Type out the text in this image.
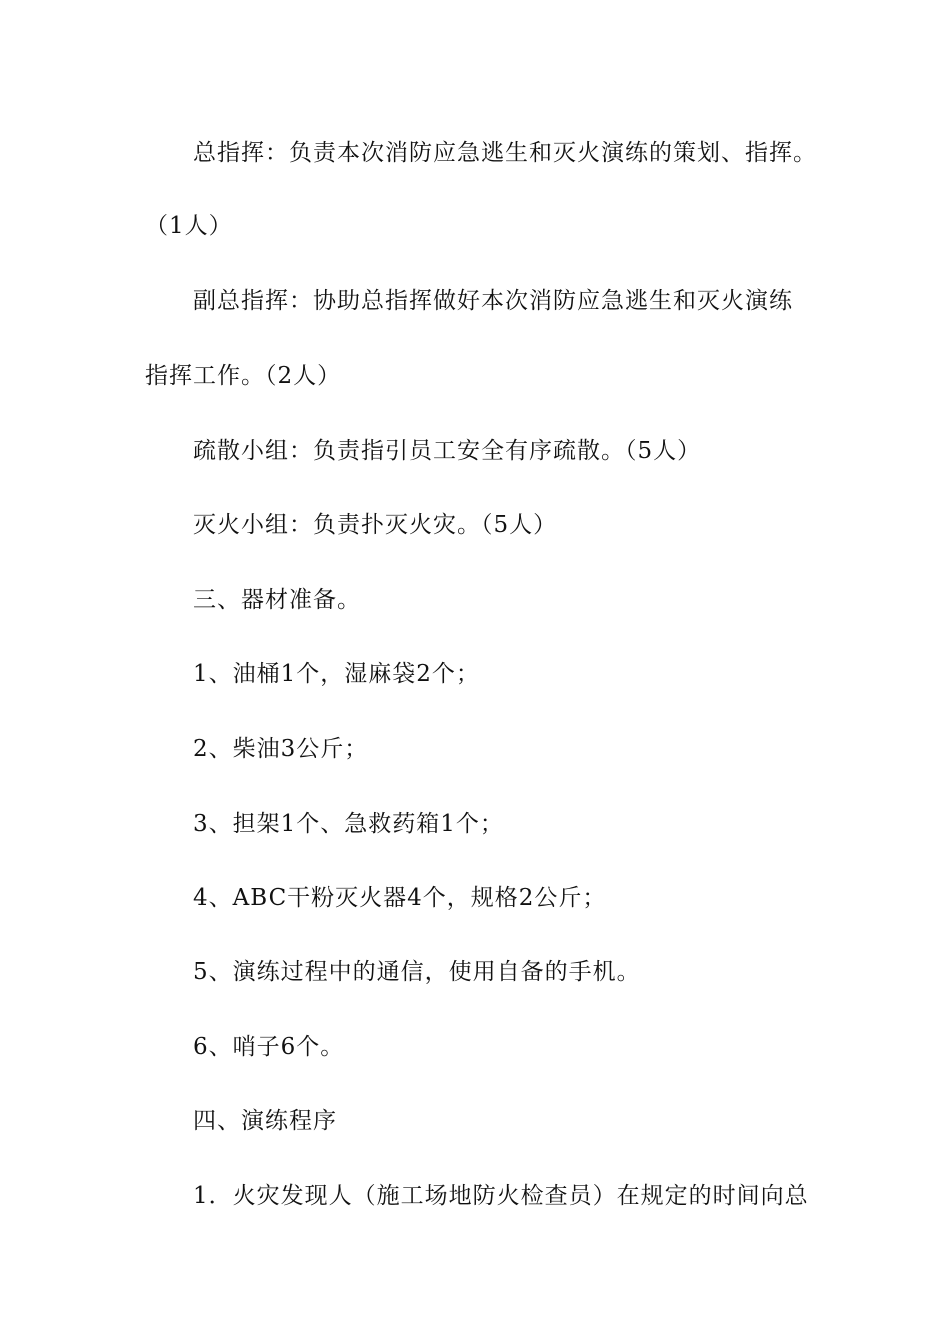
总指挥：负责本次消防应急逃生和灭火演练的策划、指挥。
（1人）
副总指挥：协助总指挥做好本次消防应急逃生和灭火演练
指挥工作。（2人）
疏散小组：负责指引员工安全有序疏散。（5人）
灭火小组：负责扑灭火灾。（5人）
三、器材准备。
1、油桶1个，湿麻袋2个；
2、柴油3公斤；
3、担架1个、急救药箱1个；
4、ABC干粉灭火器4个，规格2公斤；
5、演练过程中的通信，使用自备的手机。
6、哨子6个。
四、演练程序
1．火灾发现人（施工场地防火检查员）在规定的时间向总
